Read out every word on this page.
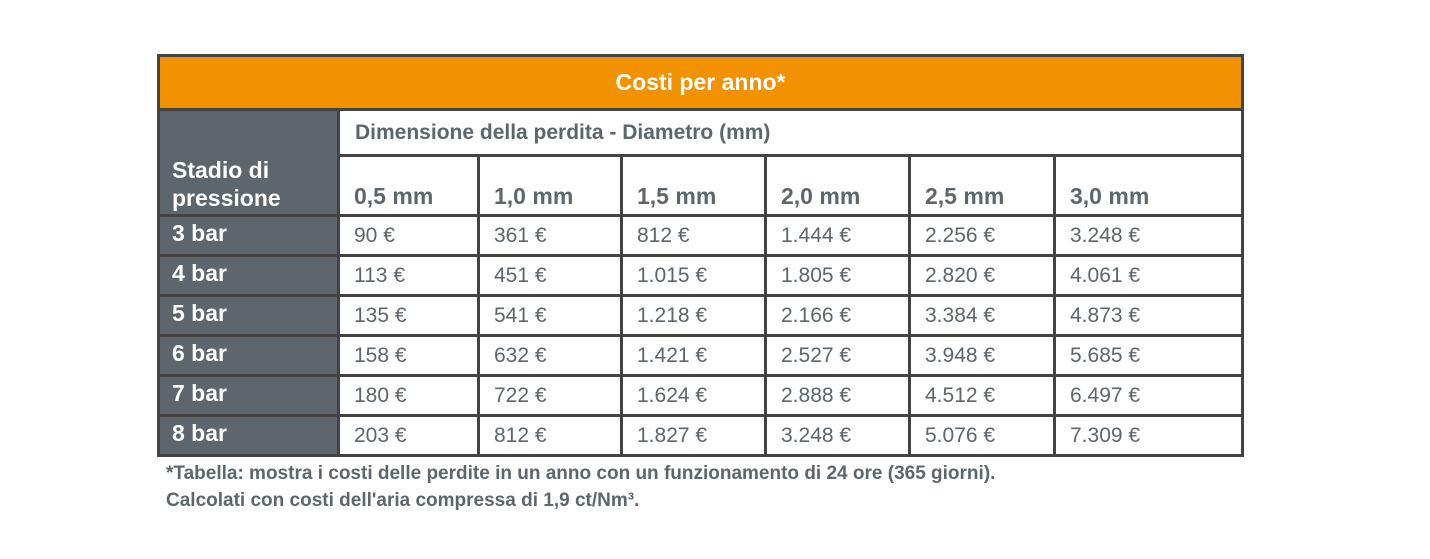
Costi per anno*						
Stadio di pressione	Dimensione della perdita - Diametro (mm)					
	0,5 mm	1,0 mm	1,5 mm	2,0 mm	2,5 mm	3,0 mm
3 bar	90 €	361 €	812 €	1.444 €	2.256 €	3.248 €
4 bar	113 €	451 €	1.015 €	1.805 €	2.820 €	4.061 €
5 bar	135 €	541 €	1.218 €	2.166 €	3.384 €	4.873 €
6 bar	158 €	632 €	1.421 €	2.527 €	3.948 €	5.685 €
7 bar	180 €	722 €	1.624 €	2.888 €	4.512 €	6.497 €
8 bar	203 €	812 €	1.827 €	3.248 €	5.076 €	7.309 €
*Tabella: mostra i costi delle perdite in un anno con un funzionamento di 24 ore (365 giorni).
Calcolati con costi dell'aria compressa di 1,9 ct/Nm³.
